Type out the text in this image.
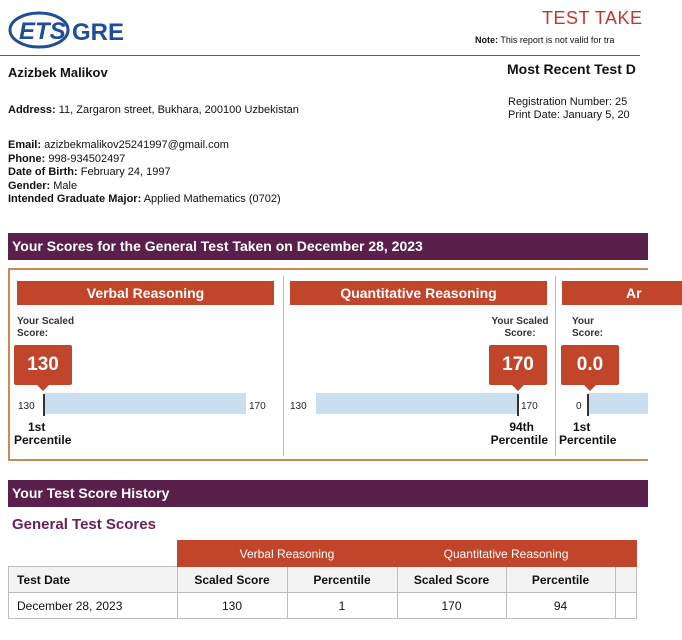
ETS GRE
TEST TAKE
Note: This report is not valid for tra
Azizbek Malikov	Most Recent Test D
Address: 11, Zargaron street, Bukhara, 200100 Uzbekistan
Registration Number: 25
Print Date: January 5, 20
Email: azizbekmalikov25241997@gmail.com
Phone: 998-934502497
Date of Birth: February 24, 1997
Gender: Male
Intended Graduate Major: Applied Mathematics (0702)
Your Scores for the General Test Taken on December 28, 2023
Verbal Reasoning
Your Scaled Score:
130
130	170
1st
Percentile
Quantitative Reasoning
Your Scaled Score:
170
130	170
94th
Percentile
Ar
Your Score:
0.0
0
1st
Percentile
Your Test Score History
General Test Scores
	Verbal Reasoning		Quantitative Reasoning		
Test Date	Scaled Score	Percentile	Scaled Score	Percentile	
December 28, 2023	130	1	170	94	
